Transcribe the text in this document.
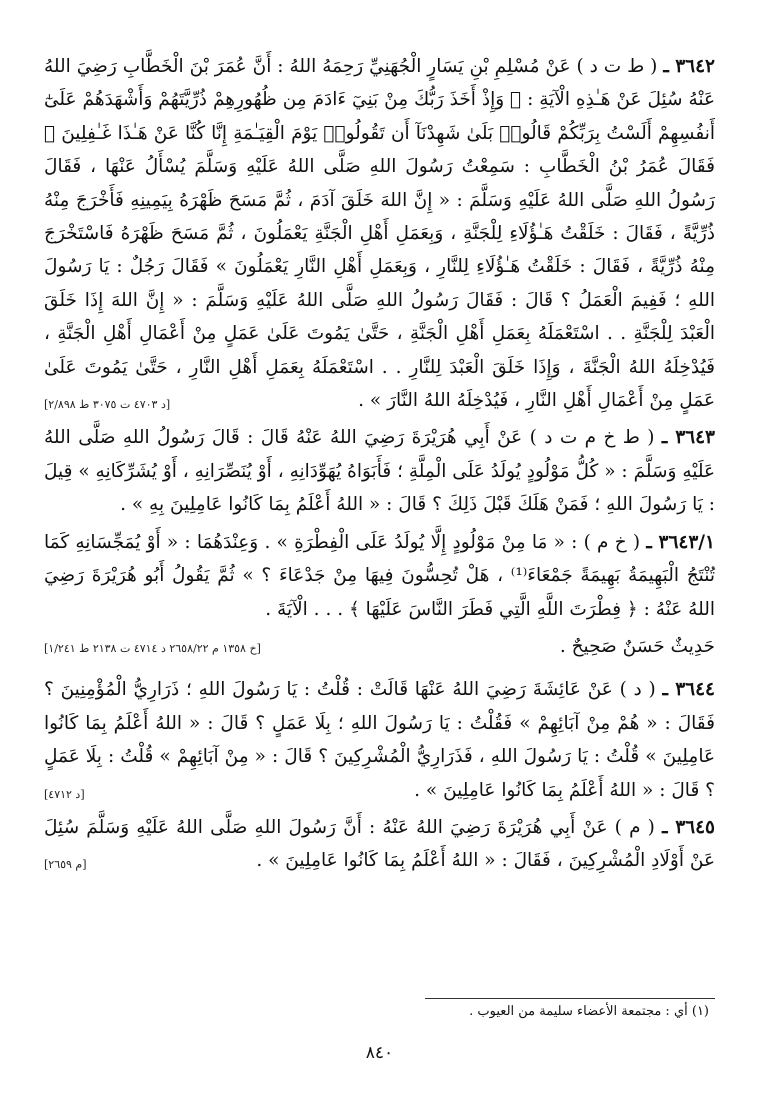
٣٦٤٢ ـ ( ط ت د ) عَنْ مُسْلِمِ بْنِ يَسَارٍ الْجُهَنِيِّ رَحِمَهُ اللهُ : أَنَّ عُمَرَ بْنَ الْخَطَّابِ رَضِيَ اللهُ عَنْهُ سُئِلَ عَنْ هَـٰذِهِ الْآيَةِ : ﴿ وَإِذْ أَخَذَ رَبُّكَ مِنْ بَنِيٓ ءَادَمَ مِن ظُهُورِهِمْ ذُرِّيَّتَهُمْ وَأَشْهَدَهُمْ عَلَىٰٓ أَنفُسِهِمْ أَلَسْتُ بِرَبِّكُمْ قَالُوا۟ بَلَىٰ شَهِدْنَآ أَن تَقُولُوا۟ يَوْمَ الْقِيَـٰمَةِ إِنَّا كُنَّا عَنْ هَـٰذَا غَـٰفِلِينَ ﴾ فَقَالَ عُمَرُ بْنُ الْخَطَّابِ : سَمِعْتُ رَسُولَ اللهِ صَلَّى اللهُ عَلَيْهِ وَسَلَّمَ يُسْأَلُ عَنْهَا ، فَقَالَ رَسُولُ اللهِ صَلَّى اللهُ عَلَيْهِ وَسَلَّمَ : « إِنَّ اللهَ خَلَقَ آدَمَ ، ثُمَّ مَسَحَ ظَهْرَهُ بِيَمِينِهِ فَأَخْرَجَ مِنْهُ ذُرِّيَّةً ، فَقَالَ : خَلَقْتُ هَـٰؤُلَاءِ لِلْجَنَّةِ ، وَبِعَمَلِ أَهْلِ الْجَنَّةِ يَعْمَلُونَ ، ثُمَّ مَسَحَ ظَهْرَهُ فَاسْتَخْرَجَ مِنْهُ ذُرِّيَّةً ، فَقَالَ : خَلَقْتُ هَـٰؤُلَاءِ لِلنَّارِ ، وَبِعَمَلِ أَهْلِ النَّارِ يَعْمَلُونَ » فَقَالَ رَجُلٌ : يَا رَسُولَ اللهِ ؛ فَفِيمَ الْعَمَلُ ؟ قَالَ : فَقَالَ رَسُولُ اللهِ صَلَّى اللهُ عَلَيْهِ وَسَلَّمَ : « إِنَّ اللهَ إِذَا خَلَقَ الْعَبْدَ لِلْجَنَّةِ . . اسْتَعْمَلَهُ بِعَمَلِ أَهْلِ الْجَنَّةِ ، حَتَّىٰ يَمُوتَ عَلَىٰ عَمَلٍ مِنْ أَعْمَالِ أَهْلِ الْجَنَّةِ ، فَيُدْخِلَهُ اللهُ الْجَنَّةَ ، وَإِذَا خَلَقَ الْعَبْدَ لِلنَّارِ . . اسْتَعْمَلَهُ بِعَمَلِ أَهْلِ النَّارِ ، حَتَّىٰ يَمُوتَ عَلَىٰ عَمَلٍ مِنْ أَعْمَالِ أَهْلِ النَّارِ ، فَيُدْخِلَهُ اللهُ النَّارَ » .
[د ٤٧٠٣ ت ٣٠٧٥ ط ٢/٨٩٨]

٣٦٤٣ ـ ( ط خ م ت د ) عَنْ أَبِي هُرَيْرَةَ رَضِيَ اللهُ عَنْهُ قَالَ : قَالَ رَسُولُ اللهِ صَلَّى اللهُ عَلَيْهِ وَسَلَّمَ : « كُلُّ مَوْلُودٍ يُولَدُ عَلَى الْمِلَّةِ ؛ فَأَبَوَاهُ يُهَوِّدَانِهِ ، أَوْ يُنَصِّرَانِهِ ، أَوْ يُشَرِّكَانِهِ » قِيلَ : يَا رَسُولَ اللهِ ؛ فَمَنْ هَلَكَ قَبْلَ ذَلِكَ ؟ قَالَ : « اللهُ أَعْلَمُ بِمَا كَانُوا عَامِلِينَ بِهِ » .

٣٦٤٣/١ ـ ( خ م ) : « مَا مِنْ مَوْلُودٍ إِلَّا يُولَدُ عَلَى الْفِطْرَةِ » . وَعِنْدَهُمَا : « أَوْ يُمَجِّسَانِهِ كَمَا تُنْتَجُ الْبَهِيمَةُ بَهِيمَةً جَمْعَاءَ⁽¹⁾ ، هَلْ تُحِسُّونَ فِيهَا مِنْ جَدْعَاءَ ؟ » ثُمَّ يَقُولُ أَبُو هُرَيْرَةَ رَضِيَ اللهُ عَنْهُ : ﴿ فِطْرَتَ اللَّهِ الَّتِي فَطَرَ النَّاسَ عَلَيْهَا ﴾ . . . الْآيَةَ .

حَدِيثٌ حَسَنٌ صَحِيحٌ .
[خ ١٣٥٨ م ٢٦٥٨/٢٢ د ٤٧١٤ ت ٢١٣٨ ط ١/٢٤١]

٣٦٤٤ ـ ( د ) عَنْ عَائِشَةَ رَضِيَ اللهُ عَنْهَا قَالَتْ : قُلْتُ : يَا رَسُولَ اللهِ ؛ ذَرَارِيُّ الْمُؤْمِنِينَ ؟ فَقَالَ : « هُمْ مِنْ آبَائِهِمْ » فَقُلْتُ : يَا رَسُولَ اللهِ ؛ بِلَا عَمَلٍ ؟ قَالَ : « اللهُ أَعْلَمُ بِمَا كَانُوا عَامِلِينَ » قُلْتُ : يَا رَسُولَ اللهِ ، فَذَرَارِيُّ الْمُشْرِكِينَ ؟ قَالَ : « مِنْ آبَائِهِمْ » قُلْتُ : بِلَا عَمَلٍ ؟ قَالَ : « اللهُ أَعْلَمُ بِمَا كَانُوا عَامِلِينَ » .
[د ٤٧١٢]

٣٦٤٥ ـ ( م ) عَنْ أَبِي هُرَيْرَةَ رَضِيَ اللهُ عَنْهُ : أَنَّ رَسُولَ اللهِ صَلَّى اللهُ عَلَيْهِ وَسَلَّمَ سُئِلَ عَنْ أَوْلَادِ الْمُشْرِكِينَ ، فَقَالَ : « اللهُ أَعْلَمُ بِمَا كَانُوا عَامِلِينَ » .
[م ٢٦٥٩]

(١) أي : مجتمعة الأعضاء سليمة من العيوب .
٨٤٠
